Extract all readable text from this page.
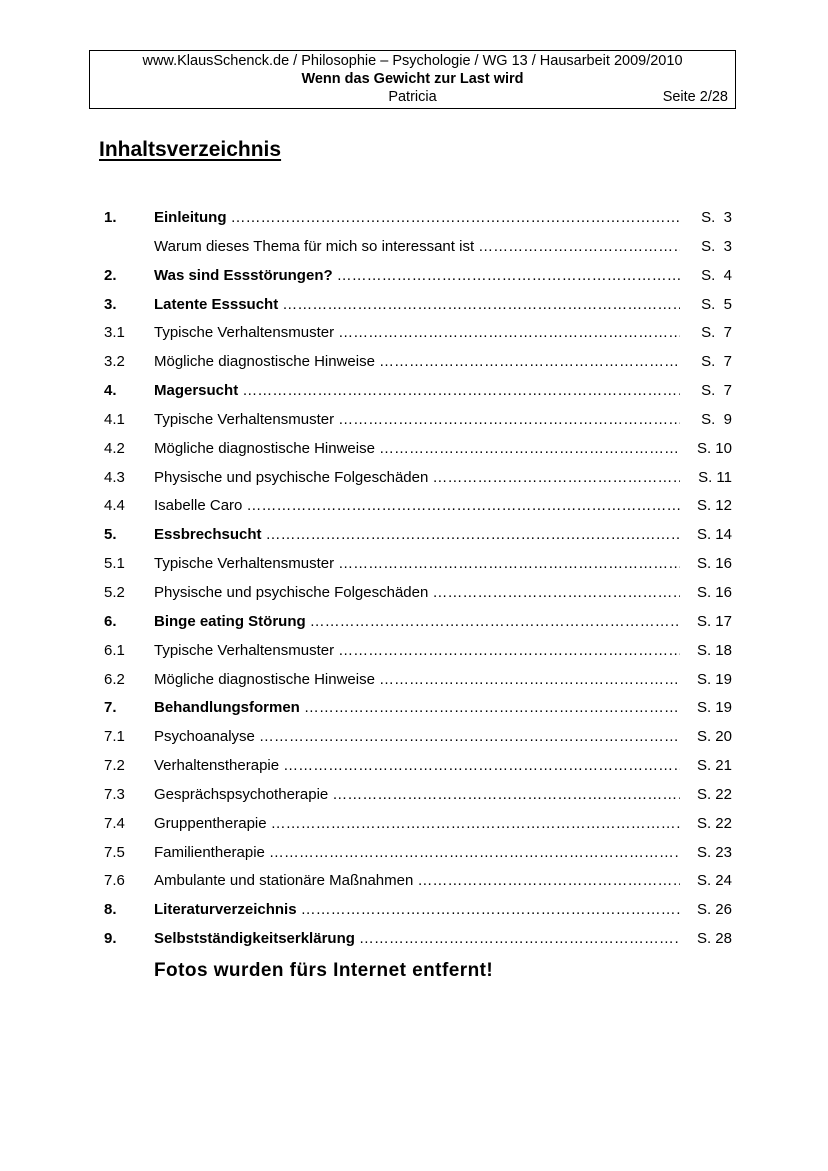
www.KlausSchenck.de / Philosophie – Psychologie / WG 13 / Hausarbeit 2009/2010
Wenn das Gewicht zur Last wird
Patricia	Seite 2/28
Inhaltsverzeichnis
1. Einleitung …………………………………………………………………………………………………………………………………………………………	S.  3
Warum dieses Thema für mich so interessant ist …………………………………………………………………………………………………………………………………………………………	S.  3
2. Was sind Essstörungen? …………………………………………………………………………………………………………………………………………………………	S.  4
3. Latente Esssucht …………………………………………………………………………………………………………………………………………………………	S.  5
3.1 Typische Verhaltensmuster …………………………………………………………………………………………………………………………………………………………	S.  7
3.2 Mögliche diagnostische Hinweise …………………………………………………………………………………………………………………………………………………………	S.  7
4. Magersucht …………………………………………………………………………………………………………………………………………………………	S.  7
4.1 Typische Verhaltensmuster …………………………………………………………………………………………………………………………………………………………	S.  9
4.2 Mögliche diagnostische Hinweise …………………………………………………………………………………………………………………………………………………………	S. 10
4.3 Physische und psychische Folgeschäden …………………………………………………………………………………………………………………………………………………………	S. 11
4.4 Isabelle Caro …………………………………………………………………………………………………………………………………………………………	S. 12
5. Essbrechsucht …………………………………………………………………………………………………………………………………………………………	S. 14
5.1 Typische Verhaltensmuster …………………………………………………………………………………………………………………………………………………………	S. 16
5.2 Physische und psychische Folgeschäden …………………………………………………………………………………………………………………………………………………………	S. 16
6. Binge eating Störung …………………………………………………………………………………………………………………………………………………………	S. 17
6.1 Typische Verhaltensmuster …………………………………………………………………………………………………………………………………………………………	S. 18
6.2 Mögliche diagnostische Hinweise …………………………………………………………………………………………………………………………………………………………	S. 19
7. Behandlungsformen …………………………………………………………………………………………………………………………………………………………	S. 19
7.1 Psychoanalyse …………………………………………………………………………………………………………………………………………………………	S. 20
7.2 Verhaltenstherapie …………………………………………………………………………………………………………………………………………………………	S. 21
7.3 Gesprächspsychotherapie …………………………………………………………………………………………………………………………………………………………	S. 22
7.4 Gruppentherapie …………………………………………………………………………………………………………………………………………………………	S. 22
7.5 Familientherapie …………………………………………………………………………………………………………………………………………………………	S. 23
7.6 Ambulante und stationäre Maßnahmen …………………………………………………………………………………………………………………………………………………………	S. 24
8. Literaturverzeichnis …………………………………………………………………………………………………………………………………………………………	S. 26
9. Selbstständigkeitserklärung …………………………………………………………………………………………………………………………………………………………	S. 28
Fotos wurden fürs Internet entfernt!
